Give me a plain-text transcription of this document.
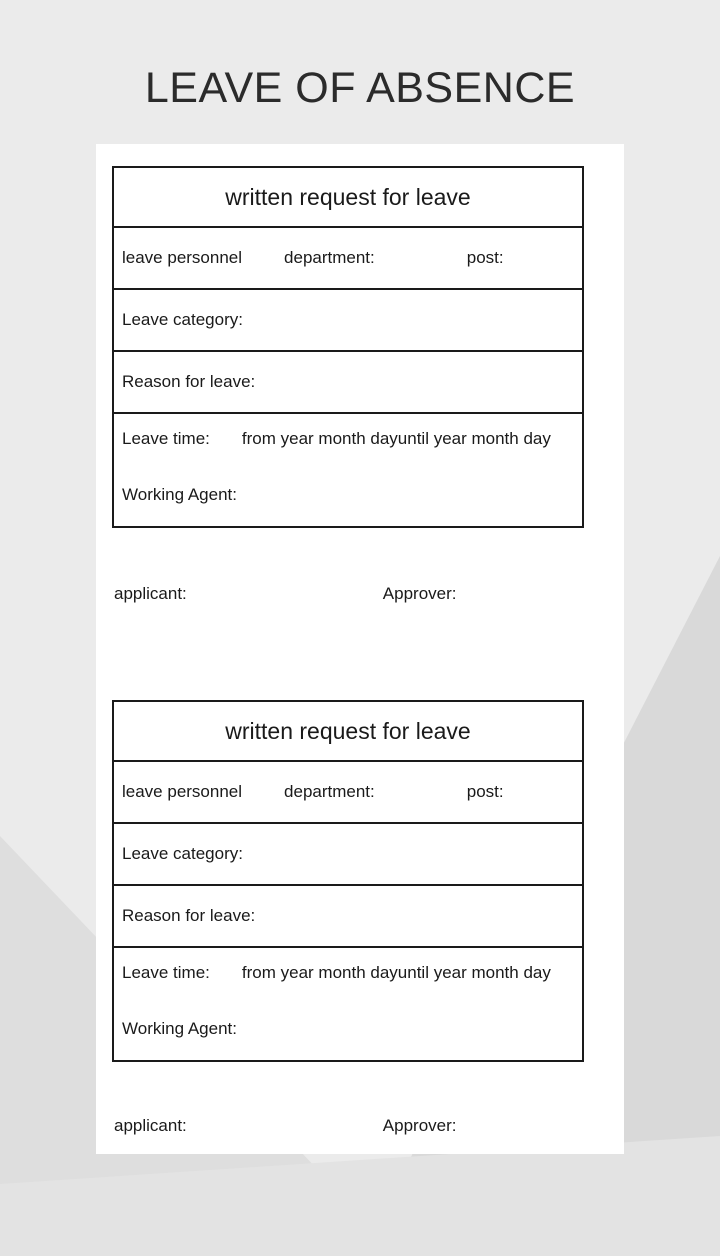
LEAVE OF ABSENCE
written request for leave
leave personnel department:	post:
Leave category:
Reason for leave:
Leave time: from year month dayuntil year month day
Working Agent:
applicant:	Approver:
written request for leave
leave personnel department:	post:
Leave category:
Reason for leave:
Leave time: from year month dayuntil year month day
Working Agent:
applicant:	Approver:
